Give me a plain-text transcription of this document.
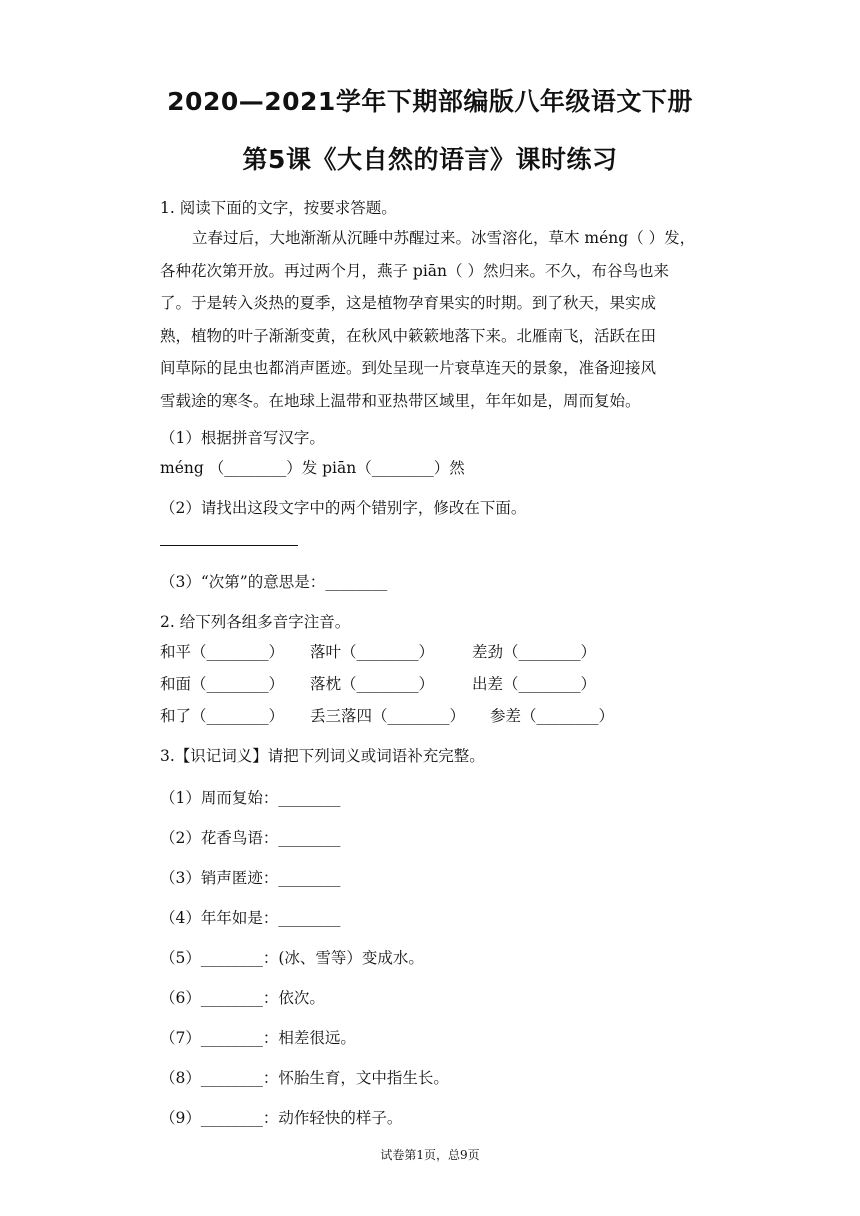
2020—2021学年下期部编版八年级语文下册
第5课《大自然的语言》课时练习
1. 阅读下面的文字，按要求答题。
立春过后，大地渐渐从沉睡中苏醒过来。冰雪溶化，草木 méng（ ）发，
各种花次第开放。再过两个月，燕子 piān（ ）然归来。不久，布谷鸟也来
了。于是转入炎热的夏季，这是植物孕育果实的时期。到了秋天，果实成
熟，植物的叶子渐渐变黄，在秋风中簌簌地落下来。北雁南飞，活跃在田
间草际的昆虫也都消声匿迹。到处呈现一片衰草连天的景象，准备迎接风
雪载途的寒冬。在地球上温带和亚热带区域里，年年如是，周而复始。
（1）根据拼音写汉字。
méng （________）发 piān（________）然
（2）请找出这段文字中的两个错别字，修改在下面。
（3）“次第”的意思是：________
2. 给下列各组多音字注音。
和平（________） 落叶（________） 差劲（________）
和面（________） 落枕（________） 出差（________）
和了（________） 丢三落四（________） 参差（________）
3.【识记词义】请把下列词义或词语补充完整。
（1）周而复始：________
（2）花香鸟语：________
（3）销声匿迹：________
（4）年年如是：________
（5）________：(冰、雪等）变成水。
（6）________：依次。
（7）________：相差很远。
（8）________：怀胎生育，文中指生长。
（9）________：动作轻快的样子。
试卷第1页，总9页
